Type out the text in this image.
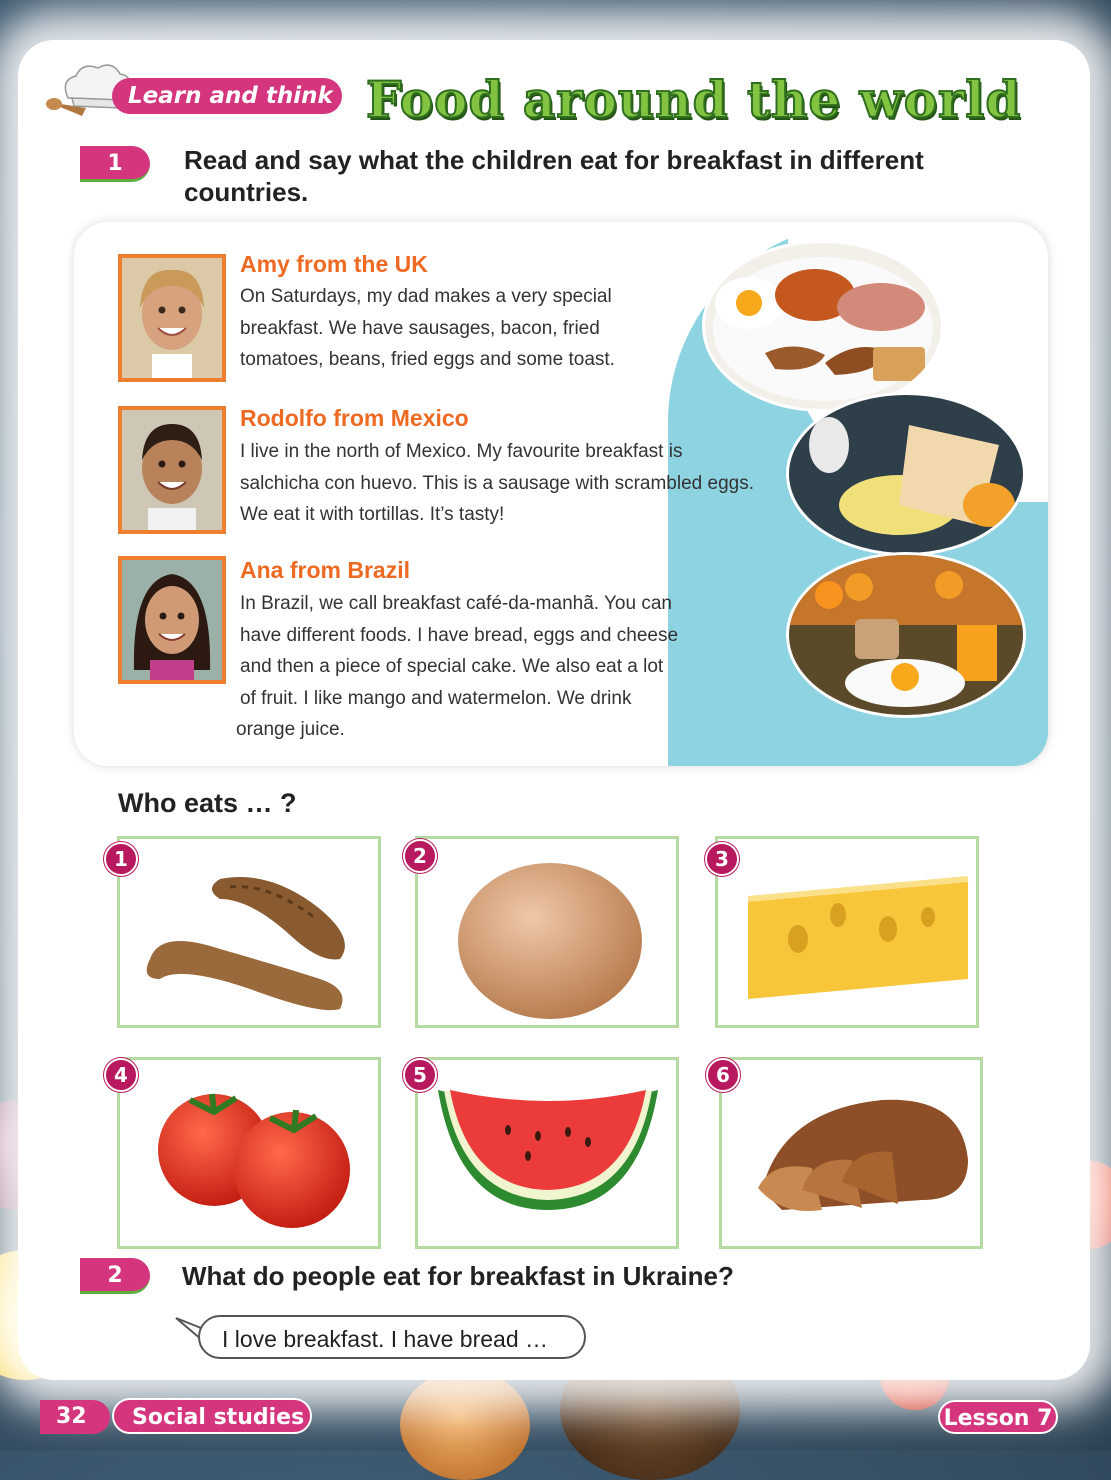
Learn and think Food around the world
1	Read and say what the children eat for breakfast in different
countries.
Amy from the UK
On Saturdays, my dad makes a very special
breakfast. We have sausages, bacon, fried
tomatoes, beans, fried eggs and some toast.
Rodolfo from Mexico
I live in the north of Mexico. My favourite breakfast is
salchicha con huevo. This is a sausage with scrambled eggs.
We eat it with tortillas. It’s tasty!
Ana from Brazil
In Brazil, we call breakfast café-da-manhã. You can
have different foods. I have bread, eggs and cheese
and then a piece of special cake. We also eat a lot
of fruit. I like mango and watermelon. We drink
orange juice.
Who eats … ?
1	2	3
4	5	6
2	What do people eat for breakfast in Ukraine?
I love breakfast. I have bread …
32	Social studies	Lesson 7
